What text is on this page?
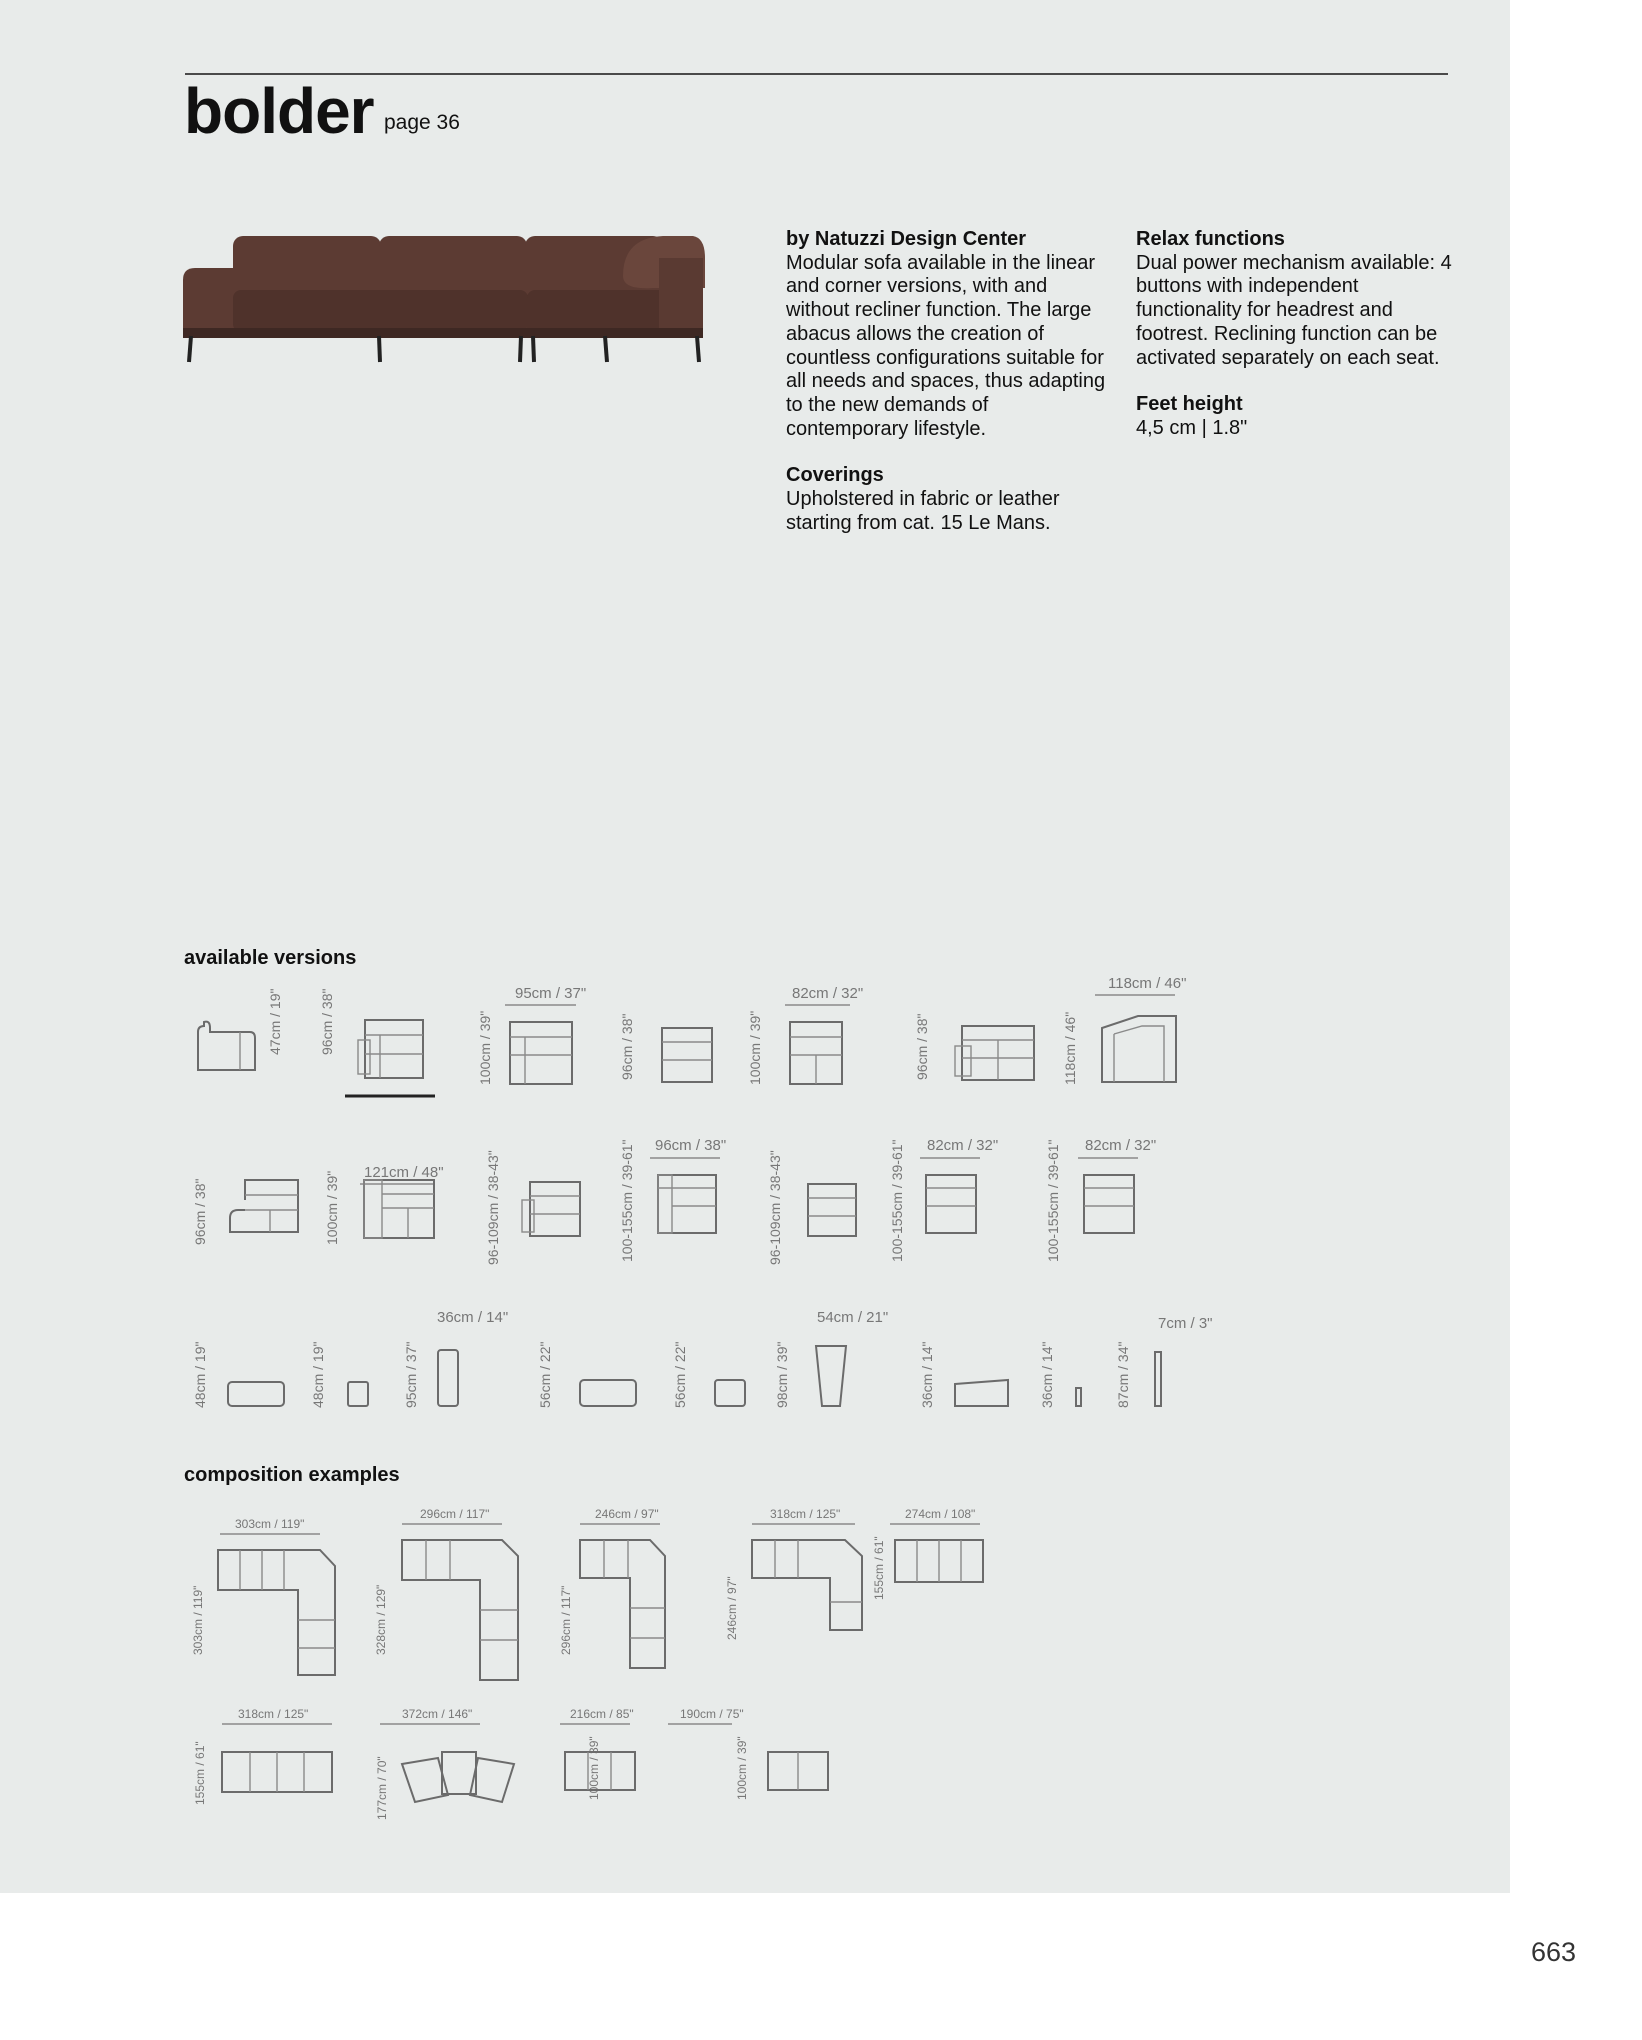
bolder page 36

by Natuzzi Design Center
Modular sofa available in the linear and corner versions, with and without recliner function. The large abacus allows the creation of countless configurations suitable for all needs and spaces, thus adapting to the new demands of contemporary lifestyle.

Coverings
Upholstered in fabric or leather starting from cat. 15 Le Mans.

Relax functions
Dual power mechanism available: 4 buttons with independent functionality for headrest and footrest. Reclining function can be activated separately on each seat.

Feet height
4,5 cm | 1.8"

available versions
47cm / 19"	96cm / 38"	100cm / 39"
95cm / 37"
96cm / 38"	100cm / 39"
82cm / 32"
96cm / 38"	118cm / 46"
118cm / 46"
96cm / 38"	100cm / 39" 121cm / 48"	96-109cm / 38-43"	100-155cm / 39-61" 96cm / 38"
96-109cm / 38-43"	100-155cm / 39-61" 82cm / 32"	100-155cm / 39-61" 82cm / 32"
48cm / 19"	48cm / 19"	95cm / 37"
36cm / 14"
56cm / 22"	56cm / 22"	98cm / 39"
54cm / 21"
36cm / 14"	36cm / 14"	87cm / 34"
7cm / 3"
composition examples
303cm / 119"
303cm / 119"
296cm / 117"
328cm / 129"
246cm / 97"
296cm / 117"
318cm / 125"
246cm / 97"
274cm / 108"
155cm / 61"
318cm / 125"
155cm / 61"
372cm / 146"
177cm / 70"
216cm / 85"
100cm / 39"
190cm / 75"
100cm / 39"
663
